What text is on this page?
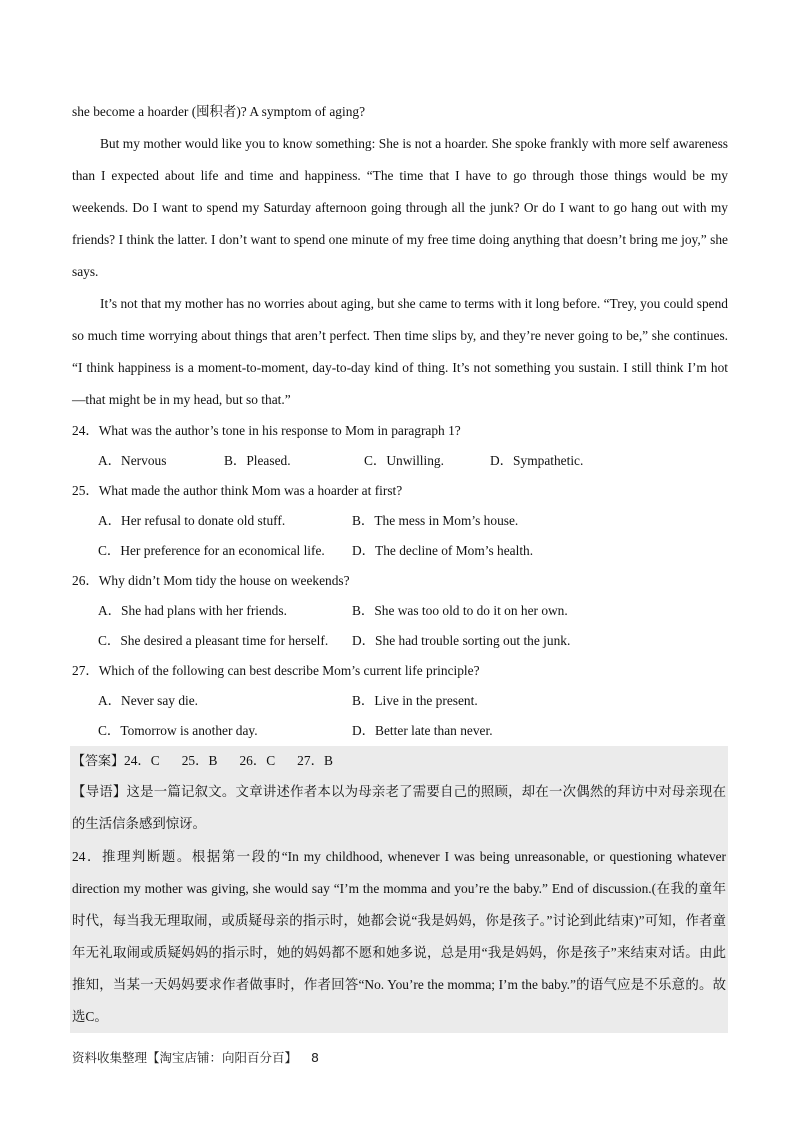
she become a hoarder (囤积者)? A symptom of aging?

But my mother would like you to know something: She is not a hoarder. She spoke frankly with more self awareness than I expected about life and time and happiness. “The time that I have to go through those things would be my weekends. Do I want to spend my Saturday afternoon going through all the junk? Or do I want to go hang out with my friends? I think the latter. I don’t want to spend one minute of my free time doing anything that doesn’t bring me joy,” she says.

It’s not that my mother has no worries about aging, but she came to terms with it long before. “Trey, you could spend so much time worrying about things that aren’t perfect. Then time slips by, and they’re never going to be,” she continues. “I think happiness is a moment-to-moment, day-to-day kind of thing. It’s not something you sustain. I still think I’m hot—that might be in my head, but so that.”

24．What was the author’s tone in his response to Mom in paragraph 1?

A．Nervous	B．Pleased.	C．Unwilling.	D．Sympathetic.

25．What made the author think Mom was a hoarder at first?

A．Her refusal to donate old stuff.	B．The mess in Mom’s house.
C．Her preference for an economical life.	D．The decline of Mom’s health.

26．Why didn’t Mom tidy the house on weekends?

A．She had plans with her friends.	B．She was too old to do it on her own.
C．She desired a pleasant time for herself.	D．She had trouble sorting out the junk.

27．Which of the following can best describe Mom’s current life principle?

A．Never say die.	B．Live in the present.
C．Tomorrow is another day.	D．Better late than never.

【答案】24．C 25．B 26．C 27．B

【导语】这是一篇记叙文。文章讲述作者本以为母亲老了需要自己的照顾，却在一次偶然的拜访中对母亲现在的生活信条感到惊讶。

24．推理判断题。根据第一段的“In my childhood, whenever I was being unreasonable, or questioning whatever direction my mother was giving, she would say “I’m the momma and you’re the baby.” End of discussion.(在我的童年时代，每当我无理取闹，或质疑母亲的指示时，她都会说“我是妈妈，你是孩子。”讨论到此结束)”可知，作者童年无礼取闹或质疑妈妈的指示时，她的妈妈都不愿和她多说，总是用“我是妈妈，你是孩子”来结束对话。由此推知，当某一天妈妈要求作者做事时，作者回答“No. You’re the momma; I’m the baby.”的语气应是不乐意的。故选C。

资料收集整理【淘宝店铺：向阳百分百】 8
